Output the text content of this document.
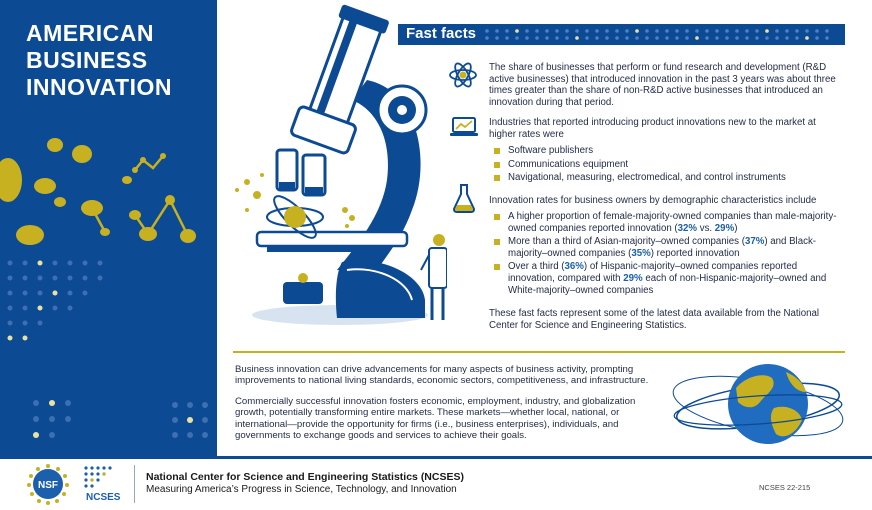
AMERICAN BUSINESS INNOVATION
Fast facts
The share of businesses that perform or fund research and development (R&D active businesses) that introduced innovation in the past 3 years was about three times greater than the share of non-R&D active businesses that introduced an innovation during that period.
Industries that reported introducing product innovations new to the market at higher rates were
Software publishers
Communications equipment
Navigational, measuring, electromedical, and control instruments
Innovation rates for business owners by demographic characteristics include
A higher proportion of female-majority-owned companies than male-majority-owned companies reported innovation (32% vs. 29%)
More than a third of Asian-majority–owned companies (37%) and Black-majority–owned companies (35%) reported innovation
Over a third (36%) of Hispanic-majority–owned companies reported innovation, compared with 29% each of non-Hispanic-majority–owned and White-majority–owned companies
These fast facts represent some of the latest data available from the National Center for Science and Engineering Statistics.
Business innovation can drive advancements for many aspects of business activity, prompting improvements to national living standards, economic sectors, competitiveness, and infrastructure.
Commercially successful innovation fosters economic, employment, industry, and globalization growth, potentially transforming entire markets. These markets—whether local, national, or international—provide the opportunity for firms (i.e., business enterprises), individuals, and governments to exchange goods and services to achieve their goals.
NSF
NCSES
National Center for Science and Engineering Statistics (NCSES)
Measuring America’s Progress in Science, Technology, and Innovation	NCSES 22-215
